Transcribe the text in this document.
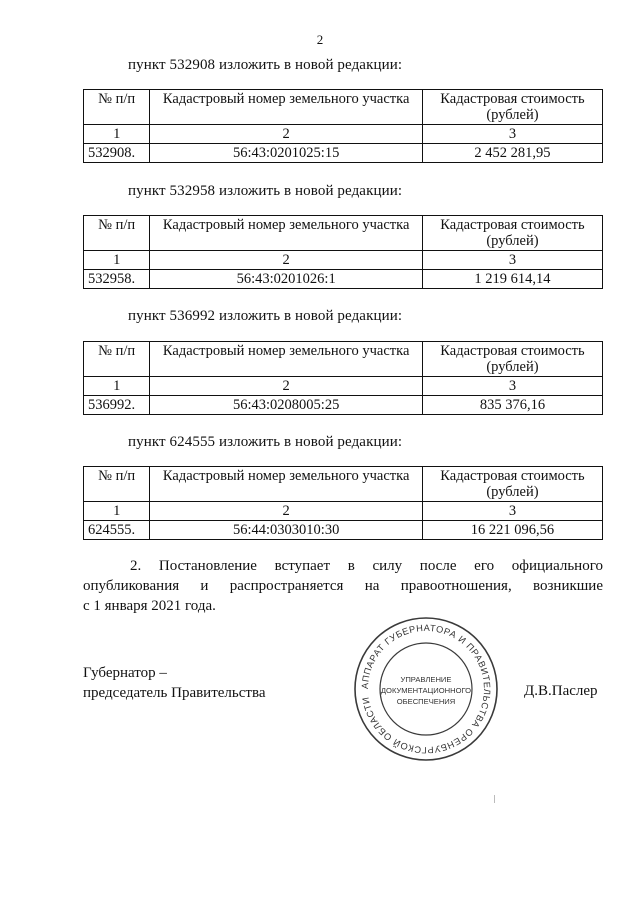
2
пункт 532908 изложить в новой редакции:
№ п/п	Кадастровый номер земельного участка	Кадастровая стоимость (рублей)
1	2	3
532908.	56:43:0201025:15	2 452 281,95
пункт 532958 изложить в новой редакции:
№ п/п	Кадастровый номер земельного участка	Кадастровая стоимость (рублей)
1	2	3
532958.	56:43:0201026:1	1 219 614,14
пункт 536992 изложить в новой редакции:
№ п/п	Кадастровый номер земельного участка	Кадастровая стоимость (рублей)
1	2	3
536992.	56:43:0208005:25	835 376,16
пункт 624555 изложить в новой редакции:
№ п/п	Кадастровый номер земельного участка	Кадастровая стоимость (рублей)
1	2	3
624555.	56:44:0303010:30	16 221 096,56
2. Постановление вступает в силу после его официального
опубликования и распространяется на правоотношения, возникшие
с 1 января 2021 года.
Губернатор –
председатель Правительства	Д.В.Паслер
АППАРАТ ГУБЕРНАТОРА И ПРАВИТЕЛЬСТВА ОРЕНБУРГСКОЙ ОБЛАСТИ
УПРАВЛЕНИЕ
ДОКУМЕНТАЦИОННОГО
ОБЕСПЕЧЕНИЯ
